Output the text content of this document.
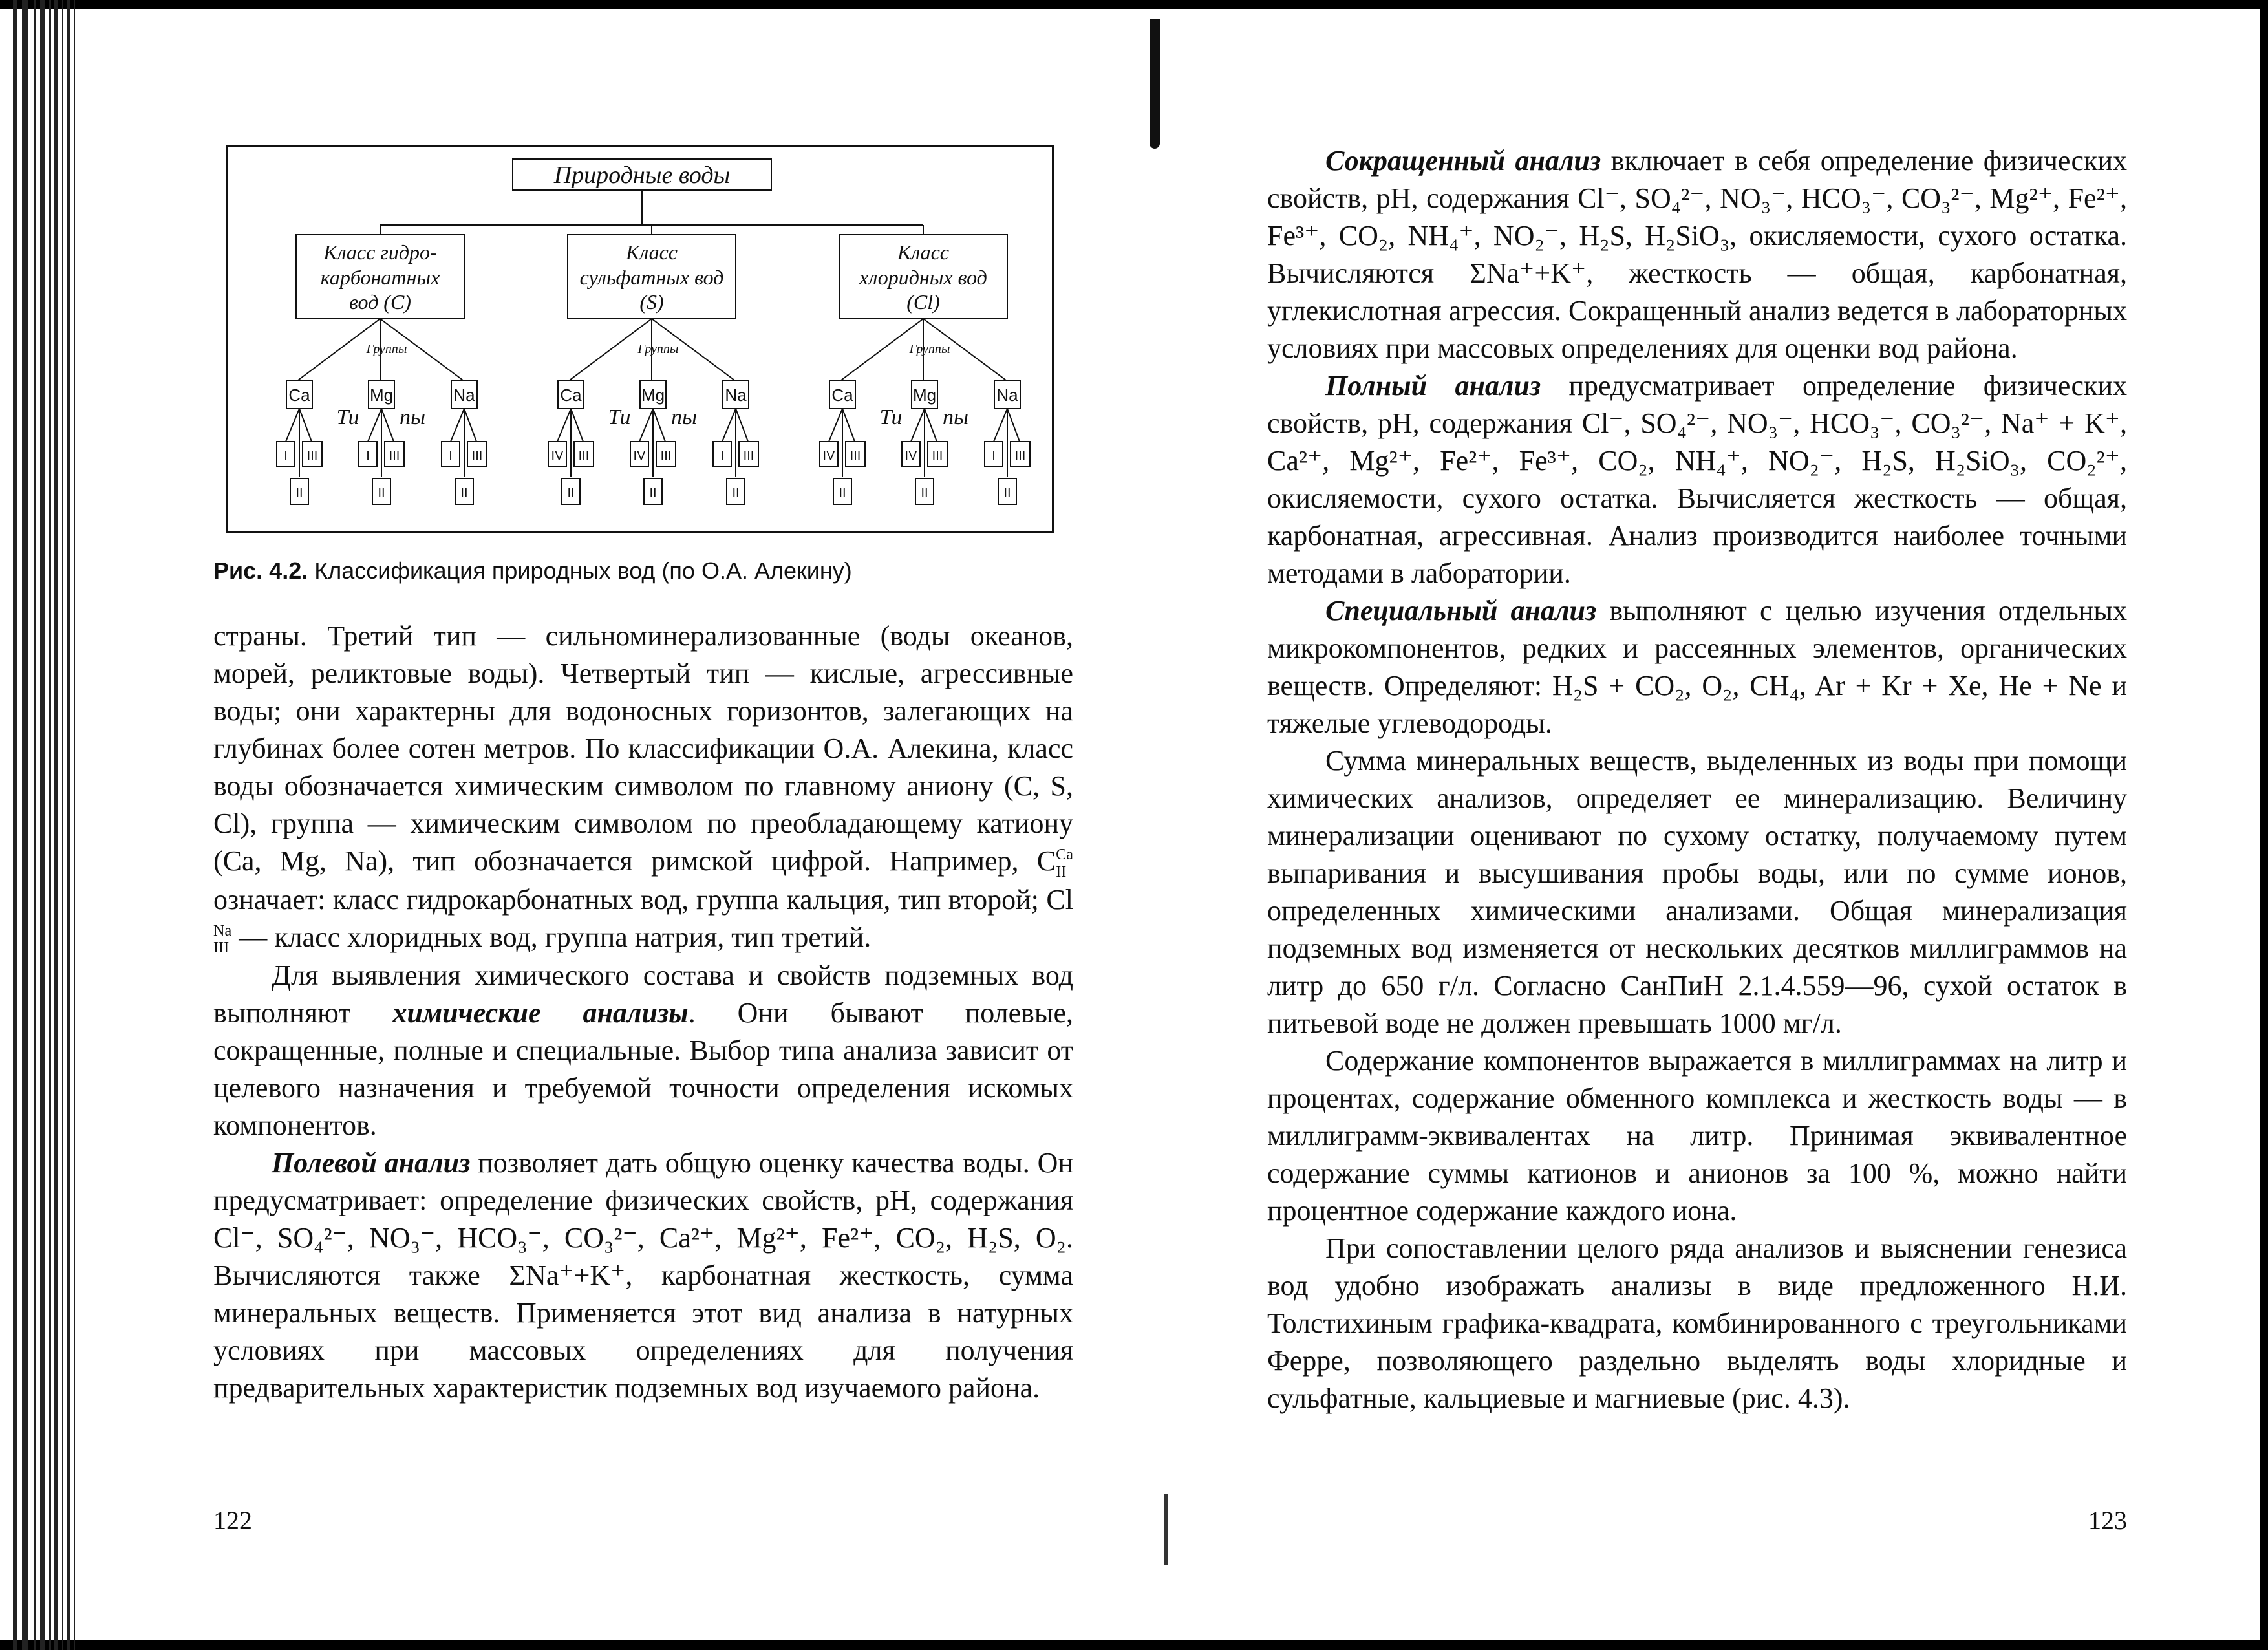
Природные воды
Класс гидро-
карбонатных
вод (С)
Класс
сульфатных вод
(S)
Класс
хлоридных вод
(Cl)
Группы
Ca
I III
II
Mg
I III
II
Na
I III
II
Ти пы
Группы
Ca
IV III
II
Mg
IV III
II
Na
I III
II
Ти пы
Группы
Ca
IV III
II
Mg
IV III
II
Na
I III
II
Ти пы
Рис. 4.2. Классификация природных вод (по О.А. Алекину)

страны. Третий тип — сильноминерализованные (воды океанов, морей, реликтовые воды). Четвертый тип — кислые, агрессивные воды; они характерны для водоносных горизонтов, залегающих на глубинах более сотен метров. По классификации О.А. Алекина, класс воды обозначается химическим символом по главному аниону (С, S, Cl), группа — химическим символом по преобладающему катиону (Ca, Mg, Na), тип обозначается римской цифрой. Например, C Ca
II
означает: класс гидрокарбонатных вод, группа кальция, тип второй; Cl
Na
III — класс хлоридных вод, группа натрия, тип третий.

Для выявления химического состава и свойств подземных вод выполняют химические анализы. Они бывают полевые, сокращенные, полные и специальные. Выбор типа анализа зависит от целевого назначения и требуемой точности определения искомых компонентов.

Полевой анализ позволяет дать общую оценку качества воды. Он предусматривает: определение физических свойств, рН, содержания Cl⁻, SO₄²⁻, NO₃⁻, HCO₃⁻, CO₃²⁻, Ca²⁺, Mg²⁺, Fe²⁺, CO₂, H₂S, O₂. Вычисляются также ΣNa⁺+K⁺, карбонатная жесткость, сумма минеральных веществ. Применяется этот вид анализа в натурных условиях при массовых определениях для получения предварительных характеристик подземных вод изучаемого района.

122

Сокращенный анализ включает в себя определение физических свойств, рН, содержания Cl⁻, SO₄²⁻, NO₃⁻, HCO₃⁻, CO₃²⁻, Mg²⁺, Fe²⁺, Fe³⁺, CO₂, NH₄⁺, NO₂⁻, H₂S, H₂SiO₃, окисляемости, сухого остатка. Вычисляются ΣNa⁺+K⁺, жесткость — общая, карбонатная, углекислотная агрессия. Сокращенный анализ ведется в лабораторных условиях при массовых определениях для оценки вод района.

Полный анализ предусматривает определение физических свойств, рН, содержания Cl⁻, SO₄²⁻, NO₃⁻, HCO₃⁻, CO₃²⁻, Na⁺ + K⁺, Ca²⁺, Mg²⁺, Fe²⁺, Fe³⁺, CO₂, NH₄⁺, NO₂⁻, H₂S, H₂SiO₃, CO₂²⁺, окисляемости, сухого остатка. Вычисляется жесткость — общая, карбонатная, агрессивная. Анализ производится наиболее точными методами в лаборатории.

Специальный анализ выполняют с целью изучения отдельных микрокомпонентов, редких и рассеянных элементов, органических веществ. Определяют: H₂S + CO₂, O₂, CH₄, Ar + Kr + Xe, He + Ne и тяжелые углеводороды.

Сумма минеральных веществ, выделенных из воды при помощи химических анализов, определяет ее минерализацию. Величину минерализации оценивают по сухому остатку, получаемому путем выпаривания и высушивания пробы воды, или по сумме ионов, определенных химическими анализами. Общая минерализация подземных вод изменяется от нескольких десятков миллиграммов на литр до 650 г/л. Согласно СанПиН 2.1.4.559—96, сухой остаток в питьевой воде не должен превышать 1000 мг/л.

Содержание компонентов выражается в миллиграммах на литр и процентах, содержание обменного комплекса и жесткость воды — в миллиграмм-эквивалентах на литр. Принимая эквивалентное содержание суммы катионов и анионов за 100 %, можно найти процентное содержание каждого иона.

При сопоставлении целого ряда анализов и выяснении генезиса вод удобно изображать анализы в виде предложенного Н.И. Толстихиным графика-квадрата, комбинированного с треугольниками Ферре, позволяющего раздельно выделять воды хлоридные и сульфатные, кальциевые и магниевые (рис. 4.3).

123
